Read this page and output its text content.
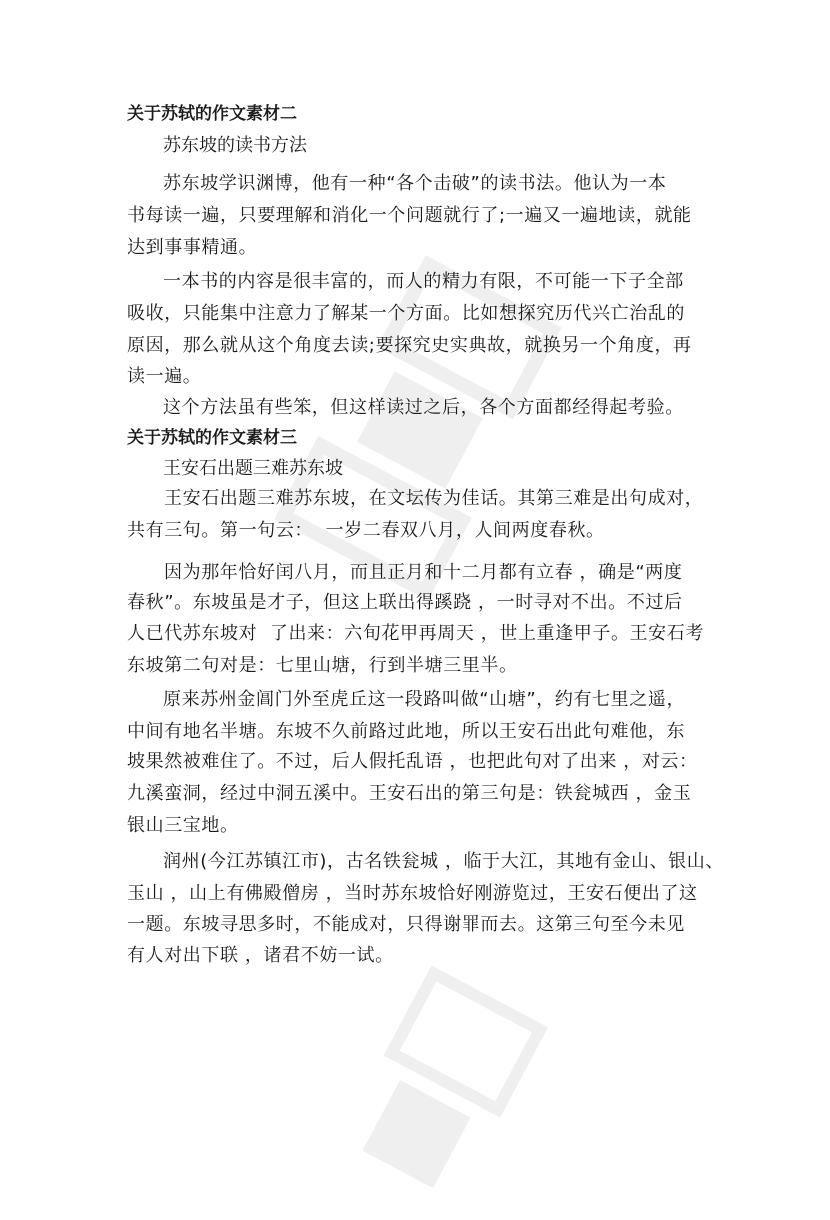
关于苏轼的作文素材二
苏东坡的读书方法
苏东坡学识渊博，他有一种“各个击破”的读书法。他认为一本
书每读一遍，只要理解和消化一个问题就行了;一遍又一遍地读，就能
达到事事精通。
一本书的内容是很丰富的，而人的精力有限，不可能一下子全部
吸收，只能集中注意力了解某一个方面。比如想探究历代兴亡治乱的
原因，那么就从这个角度去读;要探究史实典故，就换另一个角度，再
读一遍。
这个方法虽有些笨，但这样读过之后，各个方面都经得起考验。
关于苏轼的作文素材三
王安石出题三难苏东坡
王安石出题三难苏东坡，在文坛传为佳话。其第三难是出句成对，
共有三句。第一句云：  一岁二春双八月，人间两度春秋。
因为那年恰好闰八月，而且正月和十二月都有立春 ，确是“两度
春秋”。东坡虽是才子，但这上联出得蹊跷 ，一时寻对不出。不过后
人已代苏东坡对  了出来：六旬花甲再周天 ，世上重逢甲子。王安石考
东坡第二句对是：七里山塘，行到半塘三里半。
原来苏州金阊门外至虎丘这一段路叫做“山塘”，约有七里之遥，
中间有地名半塘。东坡不久前路过此地，所以王安石出此句难他，东
坡果然被难住了。不过，后人假托乱语 ，也把此句对了出来 ，对云：
九溪蛮洞，经过中洞五溪中。王安石出的第三句是：铁瓮城西 ，金玉
银山三宝地。
润州(今江苏镇江市)，古名铁瓮城 ，临于大江，其地有金山、银山、
玉山 ，山上有佛殿僧房 ，当时苏东坡恰好刚游览过，王安石便出了这
一题。东坡寻思多时，不能成对，只得谢罪而去。这第三句至今未见
有人对出下联 ，诸君不妨一试。
